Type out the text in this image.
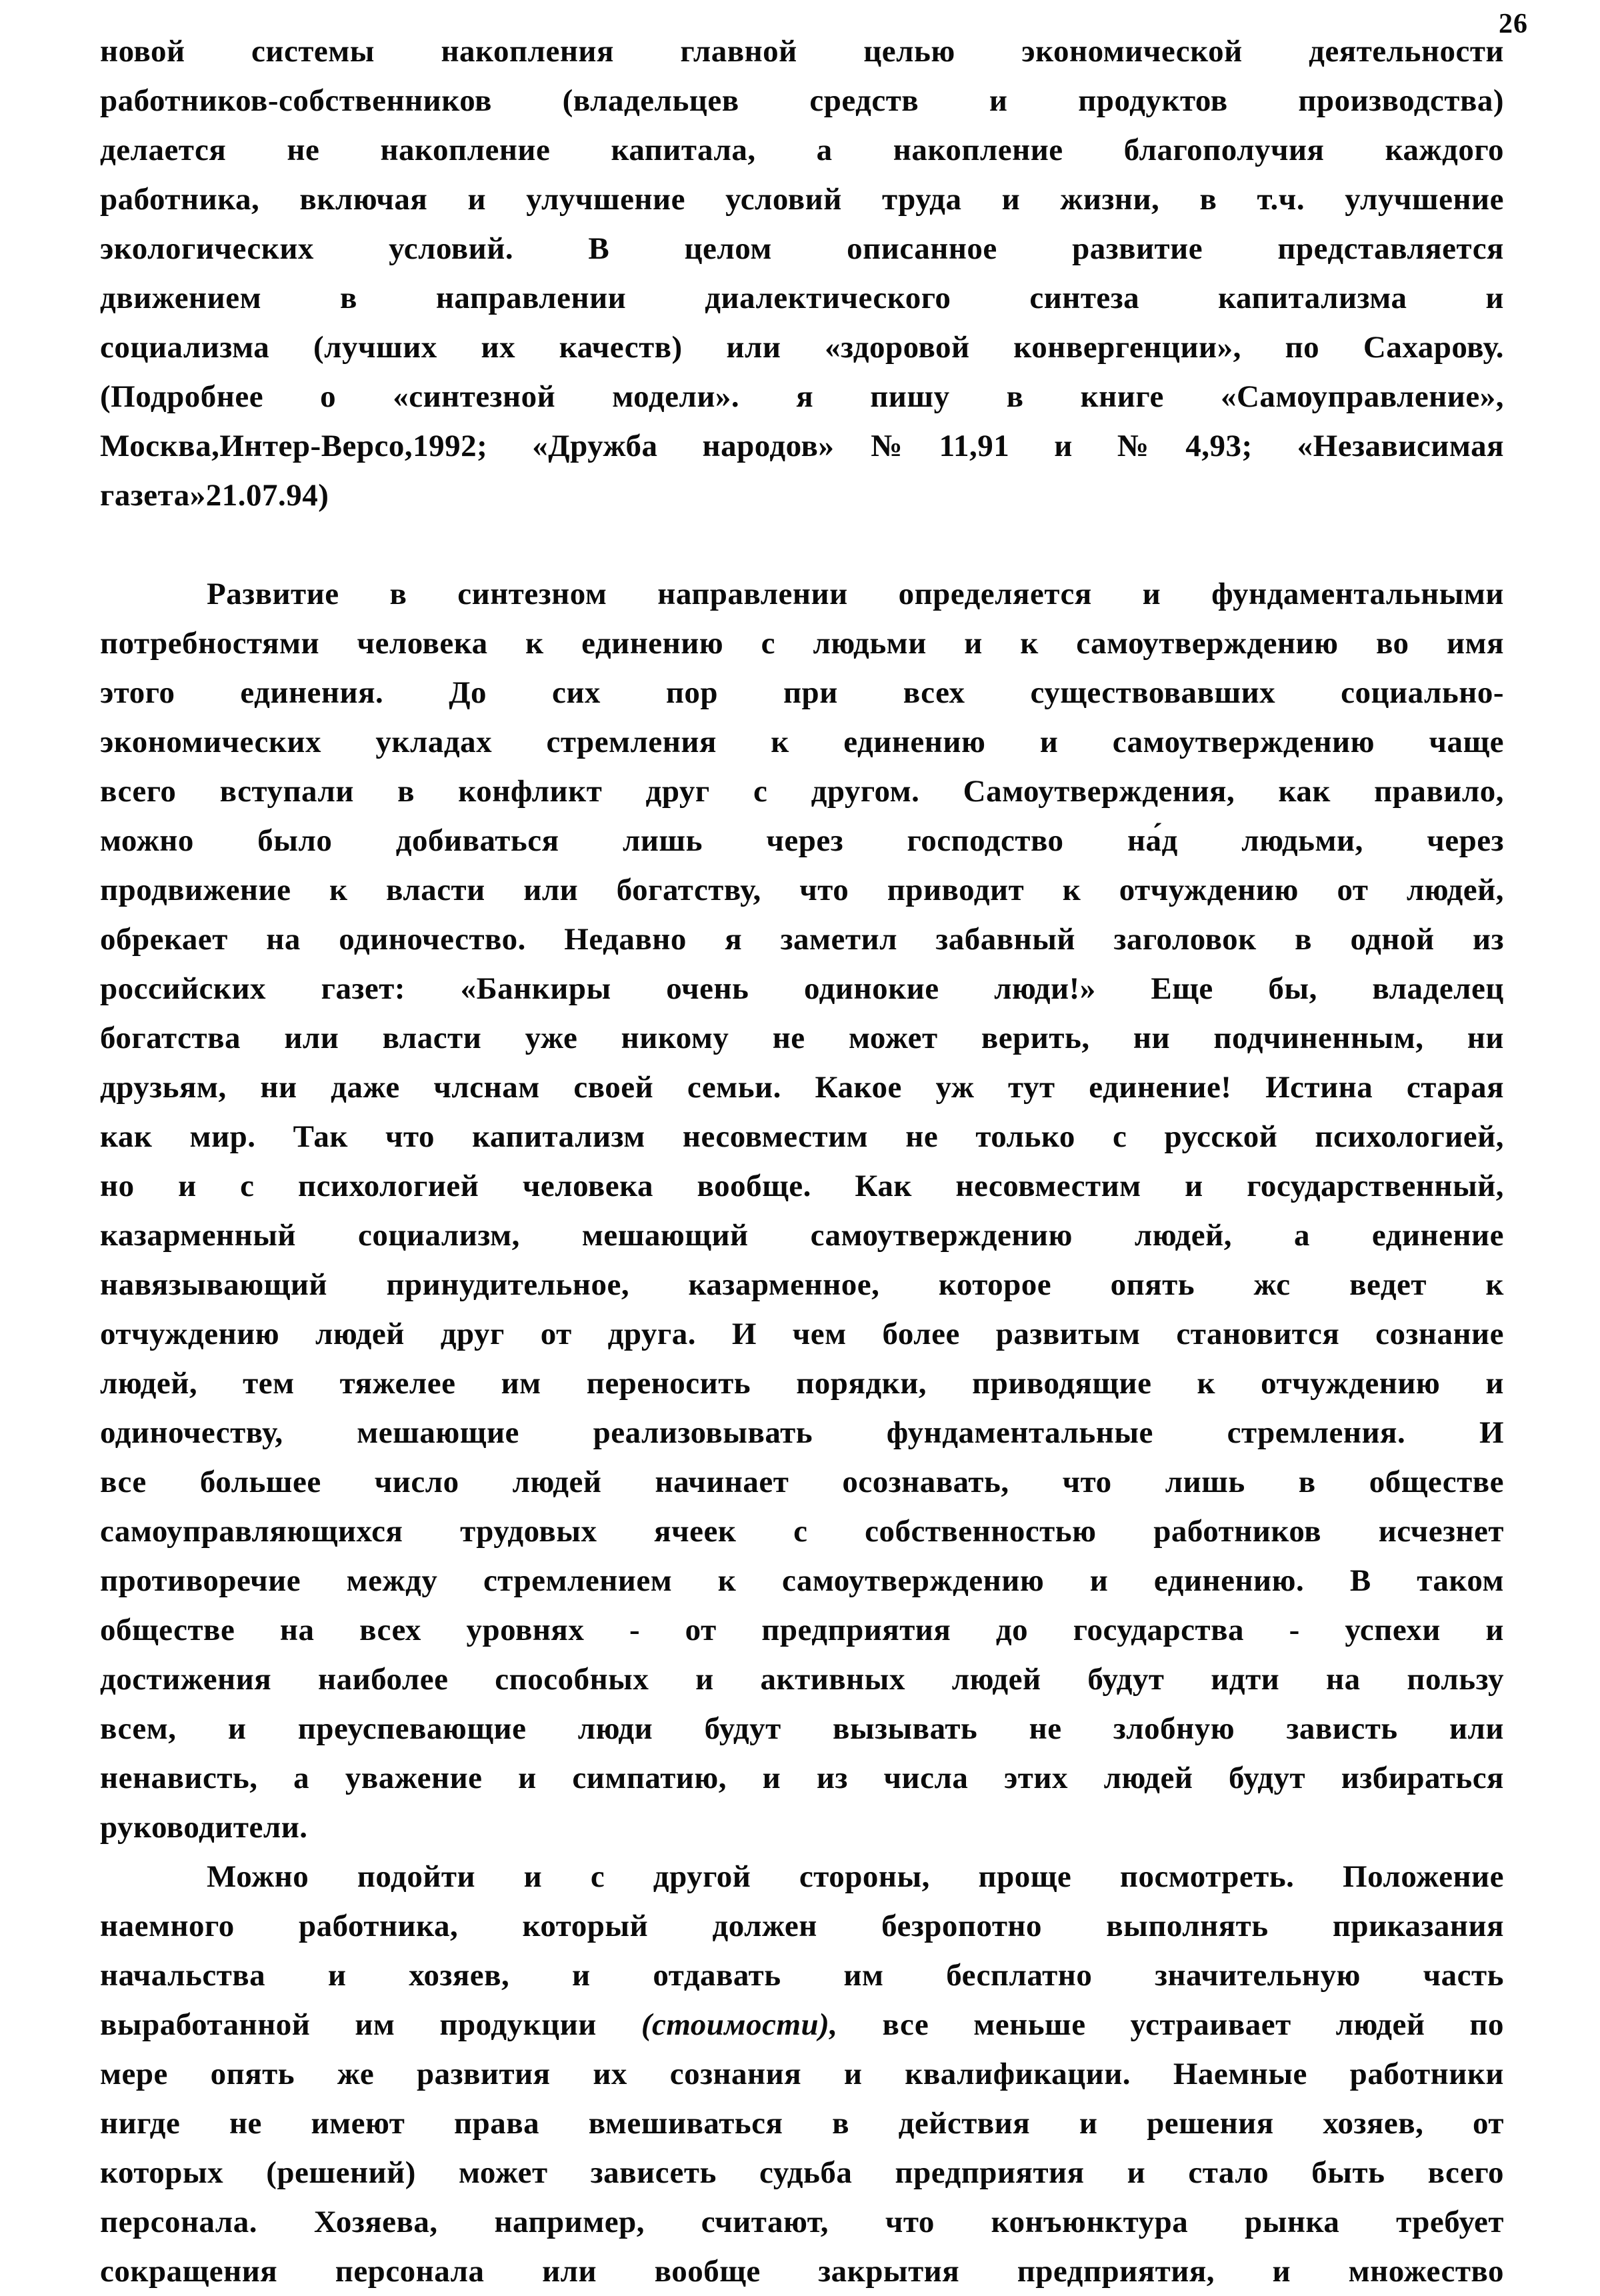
26
новой системы накопления главной целью экономической деятельности
работников-собственников (владельцев средств и продуктов производства)
делается не накопление капитала, а накопление благополучия каждого
работника, включая и улучшение условий труда и жизни, в т.ч. улучшение
экологических условий. В целом описанное развитие представляется
движением в направлении диалектического синтеза капитализма и
социализма (лучших их качеств) или «здоровой конвергенции», по Сахарову.
(Подробнее о «синтезной модели». я пишу в книге «Самоуправление»,
Москва,Интер-Версо,1992; «Дружба народов»№11,91 и №4,93; «Независимая
газета»21.07.94)
Развитие в синтезном направлении определяется и фундаментальными
потребностями человека к единению с людьми и к самоутверждению во имя
этого единения. До сих пор при всех существовавших социально-
экономических укладах стремления к единению и самоутверждению чаще
всего вступали в конфликт друг с другом. Самоутверждения, как правило,
можно было добиваться лишь через господство на́д людьми, через
продвижение к власти или богатству, что приводит к отчуждению от людей,
обрекает на одиночество. Недавно я заметил забавный заголовок в одной из
российских газет: «Банкиры очень одинокие люди!» Еще бы, владелец
богатства или власти уже никому не может верить, ни подчиненным, ни
друзьям, ни даже члснам своей семьи. Какое уж тут единение! Истина старая
как мир. Так что капитализм несовместим не только с русской психологией,
но и с психологией человека вообще. Как несовместим и государственный,
казарменный социализм, мешающий самоутверждению людей, а единение
навязывающий принудительное, казарменное, которое опять жс ведет к
отчуждению людей друг от друга. И чем более развитым становится сознание
людей, тем тяжелее им переносить порядки, приводящие к отчуждению и
одиночеству, мешающие реализовывать фундаментальные стремления. И
все большее число людей начинает осознавать, что лишь в обществе
самоуправляющихся трудовых ячеек с собственностью работников исчезнет
противоречие между стремлением к самоутверждению и единению. В таком
обществе на всех уровнях - от предприятия до государства - успехи и
достижения наиболее способных и активных людей будут идти на пользу
всем, и преуспевающие люди будут вызывать не злобную зависть или
ненависть, а уважение и симпатию, и из числа этих людей будут избираться
руководители.
Можно подойти и с другой стороны, проще посмотреть. Положение
наемного работника, который должен безропотно выполнять приказания
начальства и хозяев, и отдавать им бесплатно значительную часть
выработанной им продукции (стоимости), все меньше устраивает людей по
мере опять же развития их сознания и квалификации. Наемные работники
нигде не имеют права вмешиваться в действия и решения хозяев, от
которых (решений) может зависеть судьба предприятия и стало быть всего
персонала. Хозяева, например, считают, что конъюнктура рынка требует
сокращения персонала или вообще закрытия предприятия, и множество
